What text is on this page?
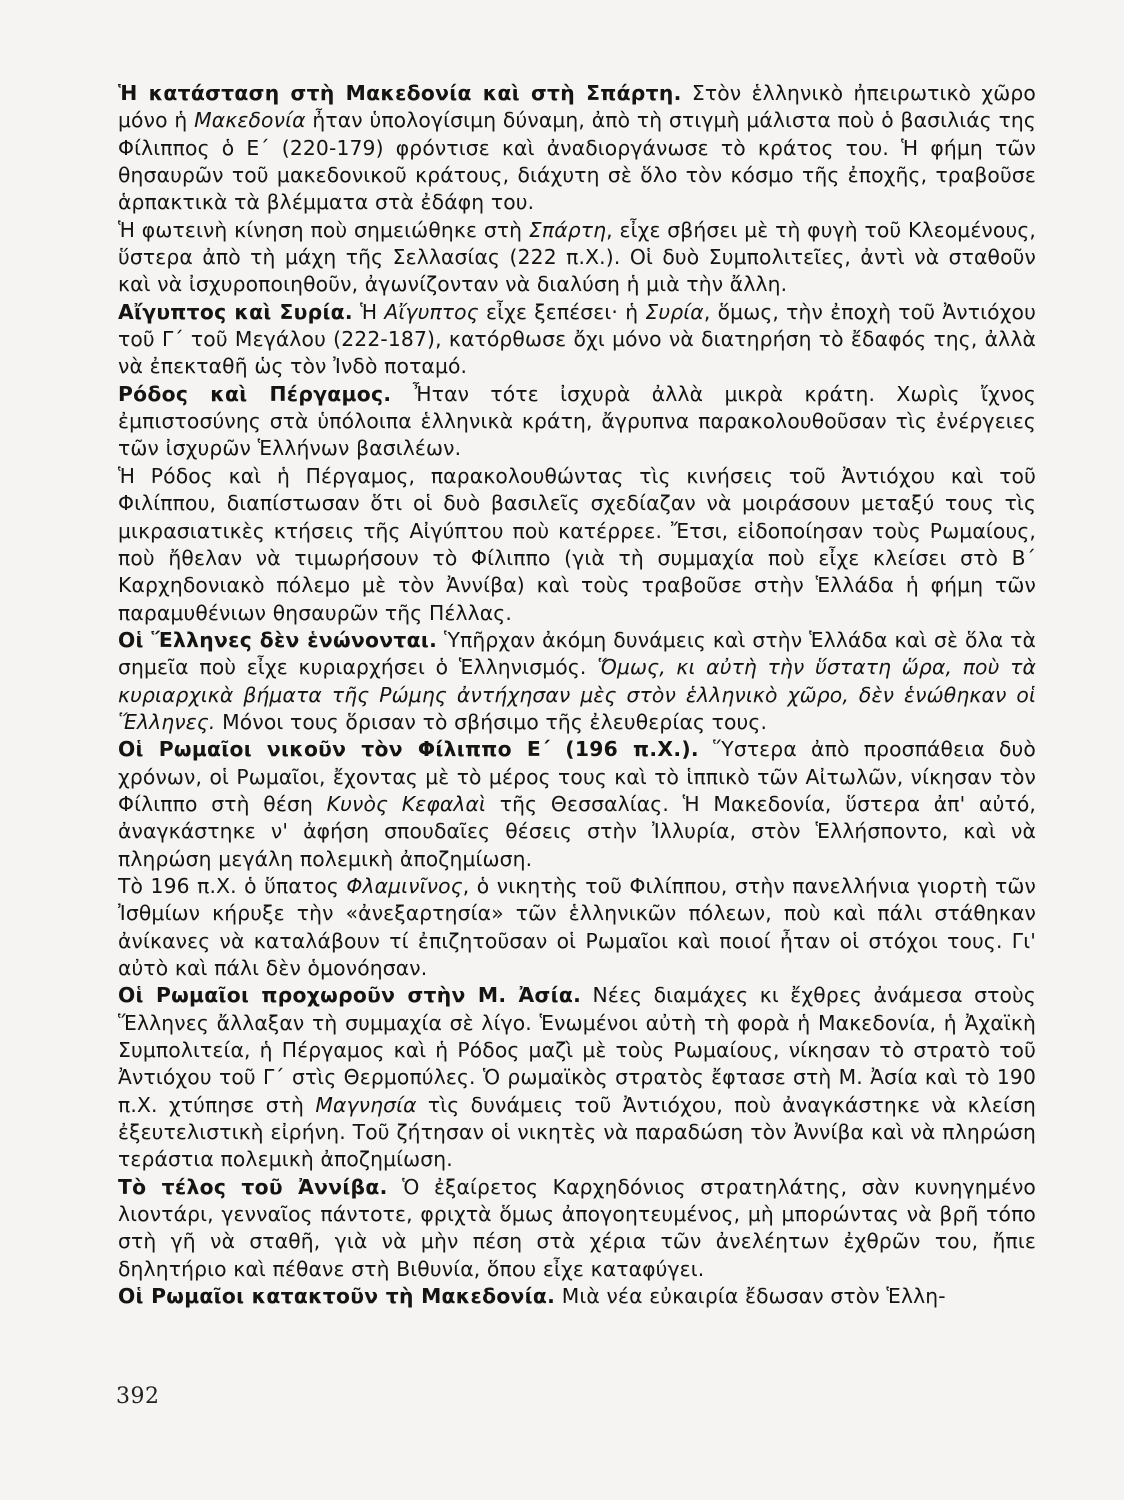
Ἡ κατάσταση στὴ Μακεδονία καὶ στὴ Σπάρτη. Στὸν ἑλληνικὸ ἠπειρωτικὸ χῶρο μόνο ἡ Μακεδονία ἦταν ὑπολογίσιμη δύναμη, ἀπὸ τὴ στιγμὴ μάλιστα ποὺ ὁ βασιλιάς της Φίλιππος ὁ Ε΄ (220-179) φρόντισε καὶ ἀναδιοργάνωσε τὸ κράτος του. Ἡ φήμη τῶν θησαυρῶν τοῦ μακεδονικοῦ κράτους, διάχυτη σὲ ὅλο τὸν κόσμο τῆς ἐποχῆς, τραβοῦσε ἁρπακτικὰ τὰ βλέμματα στὰ ἐδάφη του.

Ἡ φωτεινὴ κίνηση ποὺ σημειώθηκε στὴ Σπάρτη, εἶχε σβήσει μὲ τὴ φυγὴ τοῦ Κλεομένους, ὕστερα ἀπὸ τὴ μάχη τῆς Σελλασίας (222 π.Χ.). Οἱ δυὸ Συμπολιτεῖες, ἀντὶ νὰ σταθοῦν καὶ νὰ ἰσχυροποιηθοῦν, ἀγωνίζονταν νὰ διαλύση ἡ μιὰ τὴν ἄλλη.

Αἴγυπτος καὶ Συρία. Ἡ Αἴγυπτος εἶχε ξεπέσει· ἡ Συρία, ὅμως, τὴν ἐποχὴ τοῦ Ἀντιόχου τοῦ Γ΄ τοῦ Μεγάλου (222-187), κατόρθωσε ὄχι μόνο νὰ διατηρήση τὸ ἔδαφός της, ἀλλὰ νὰ ἐπεκταθῆ ὡς τὸν Ἰνδὸ ποταμό.

Ρόδος καὶ Πέργαμος. Ἦταν τότε ἰσχυρὰ ἀλλὰ μικρὰ κράτη. Χωρὶς ἴχνος ἐμπιστοσύνης στὰ ὑπόλοιπα ἑλληνικὰ κράτη, ἄγρυπνα παρακολουθοῦσαν τὶς ἐνέργειες τῶν ἰσχυρῶν Ἑλλήνων βασιλέων.

Ἡ Ρόδος καὶ ἡ Πέργαμος, παρακολουθώντας τὶς κινήσεις τοῦ Ἀντιόχου καὶ τοῦ Φιλίππου, διαπίστωσαν ὅτι οἱ δυὸ βασιλεῖς σχεδίαζαν νὰ μοιράσουν μεταξύ τους τὶς μικρασιατικὲς κτήσεις τῆς Αἰγύπτου ποὺ κατέρρεε. Ἔτσι, εἰδοποίησαν τοὺς Ρωμαίους, ποὺ ἤθελαν νὰ τιμωρήσουν τὸ Φίλιππο (γιὰ τὴ συμμαχία ποὺ εἶχε κλείσει στὸ Β΄ Καρχηδονιακὸ πόλεμο μὲ τὸν Ἀννίβα) καὶ τοὺς τραβοῦσε στὴν Ἑλλάδα ἡ φήμη τῶν παραμυθένιων θησαυρῶν τῆς Πέλλας.

Οἱ Ἕλληνες δὲν ἑνώνονται. Ὑπῆρχαν ἀκόμη δυνάμεις καὶ στὴν Ἑλλάδα καὶ σὲ ὅλα τὰ σημεῖα ποὺ εἶχε κυριαρχήσει ὁ Ἑλληνισμός. Ὅμως, κι αὐτὴ τὴν ὕστατη ὥρα, ποὺ τὰ κυριαρχικὰ βήματα τῆς Ρώμης ἀντήχησαν μὲς στὸν ἑλληνικὸ χῶρο, δὲν ἑνώθηκαν οἱ Ἕλληνες. Μόνοι τους ὅρισαν τὸ σβήσιμο τῆς ἐλευθερίας τους.

Οἱ Ρωμαῖοι νικοῦν τὸν Φίλιππο Ε΄ (196 π.Χ.). Ὕστερα ἀπὸ προσπάθεια δυὸ χρόνων, οἱ Ρωμαῖοι, ἔχοντας μὲ τὸ μέρος τους καὶ τὸ ἱππικὸ τῶν Αἰτωλῶν, νίκησαν τὸν Φίλιππο στὴ θέση Κυνὸς Κεφαλαὶ τῆς Θεσσαλίας. Ἡ Μακεδονία, ὕστερα ἀπ' αὐτό, ἀναγκάστηκε ν' ἀφήση σπουδαῖες θέσεις στὴν Ἰλλυρία, στὸν Ἑλλήσποντο, καὶ νὰ πληρώση μεγάλη πολεμικὴ ἀποζημίωση.

Τὸ 196 π.Χ. ὁ ὕπατος Φλαμινῖνος, ὁ νικητὴς τοῦ Φιλίππου, στὴν πανελλήνια γιορτὴ τῶν Ἰσθμίων κήρυξε τὴν «ἀνεξαρτησία» τῶν ἑλληνικῶν πόλεων, ποὺ καὶ πάλι στάθηκαν ἀνίκανες νὰ καταλάβουν τί ἐπιζητοῦσαν οἱ Ρωμαῖοι καὶ ποιοί ἦταν οἱ στόχοι τους. Γι' αὐτὸ καὶ πάλι δὲν ὁμονόησαν.

Οἱ Ρωμαῖοι προχωροῦν στὴν Μ. Ἀσία. Νέες διαμάχες κι ἔχθρες ἀνάμεσα στοὺς Ἕλληνες ἄλλαξαν τὴ συμμαχία σὲ λίγο. Ἑνωμένοι αὐτὴ τὴ φορὰ ἡ Μακεδονία, ἡ Ἀχαϊκὴ Συμπολιτεία, ἡ Πέργαμος καὶ ἡ Ρόδος μαζὶ μὲ τοὺς Ρωμαίους, νίκησαν τὸ στρατὸ τοῦ Ἀντιόχου τοῦ Γ΄ στὶς Θερμοπύλες. Ὁ ρωμαϊκὸς στρατὸς ἔφτασε στὴ Μ. Ἀσία καὶ τὸ 190 π.Χ. χτύπησε στὴ Μαγνησία τὶς δυνάμεις τοῦ Ἀντιόχου, ποὺ ἀναγκάστηκε νὰ κλείση ἐξευτελιστικὴ εἰρήνη. Τοῦ ζήτησαν οἱ νικητὲς νὰ παραδώση τὸν Ἀννίβα καὶ νὰ πληρώση τεράστια πολεμικὴ ἀποζημίωση.

Τὸ τέλος τοῦ Ἀννίβα. Ὁ ἐξαίρετος Καρχηδόνιος στρατηλάτης, σὰν κυνηγημένο λιοντάρι, γενναῖος πάντοτε, φριχτὰ ὅμως ἀπογοητευμένος, μὴ μπορώντας νὰ βρῆ τόπο στὴ γῆ νὰ σταθῆ, γιὰ νὰ μὴν πέση στὰ χέρια τῶν ἀνελέητων ἐχθρῶν του, ἤπιε δηλητήριο καὶ πέθανε στὴ Βιθυνία, ὅπου εἶχε καταφύγει.

Οἱ Ρωμαῖοι κατακτοῦν τὴ Μακεδονία. Μιὰ νέα εὐκαιρία ἔδωσαν στὸν Ἑλλη-

392
